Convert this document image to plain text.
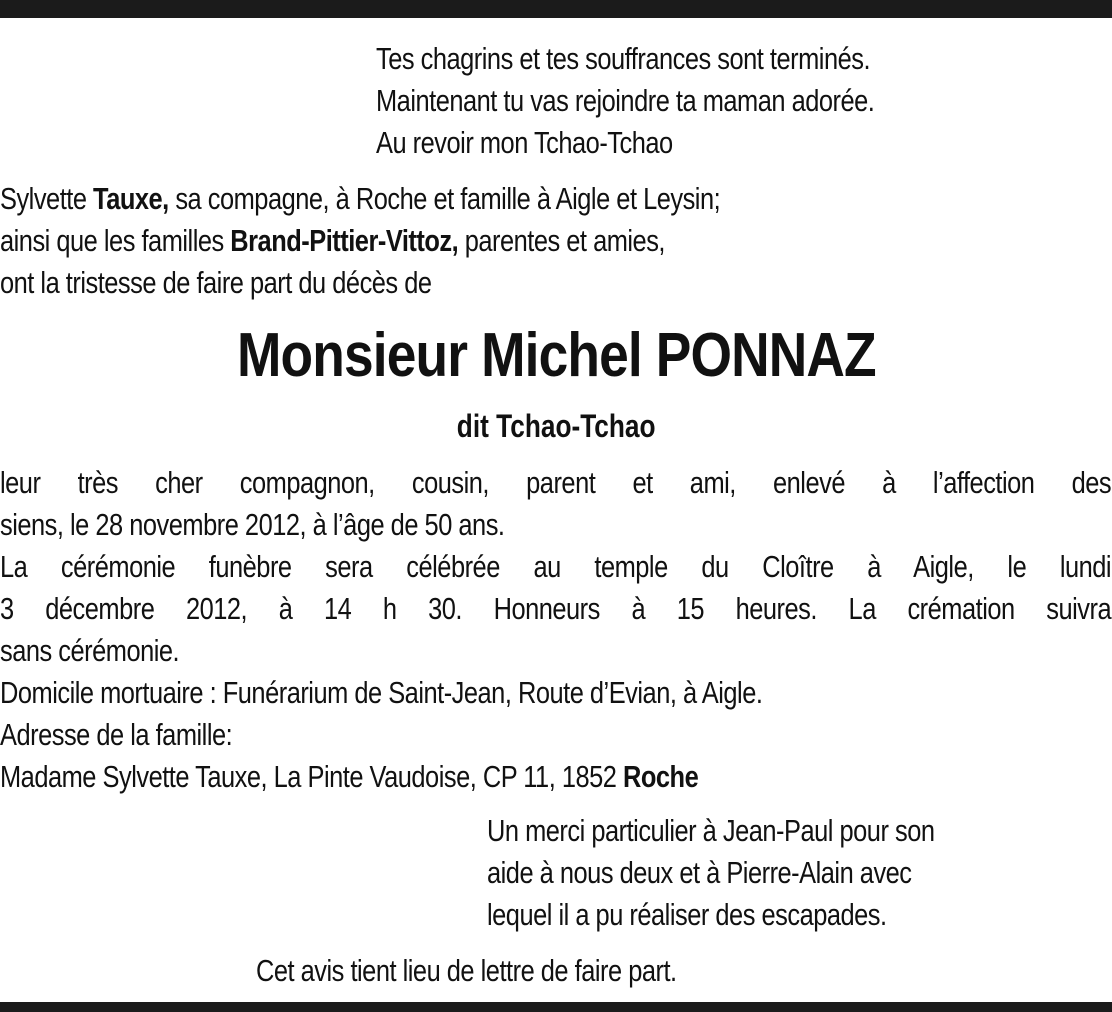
Tes chagrins et tes souffrances sont terminés.
Maintenant tu vas rejoindre ta maman adorée.
Au revoir mon Tchao-Tchao
Sylvette Tauxe, sa compagne, à Roche et famille à Aigle et Leysin;
ainsi que les familles Brand-Pittier-Vittoz, parentes et amies,
ont la tristesse de faire part du décès de
Monsieur Michel PONNAZ
dit Tchao-Tchao
leur très cher compagnon, cousin, parent et ami, enlevé à l’affection des
siens, le 28 novembre 2012, à l’âge de 50 ans.
La cérémonie funèbre sera célébrée au temple du Cloître à Aigle, le lundi
3 décembre 2012, à 14 h 30. Honneurs à 15 heures. La crémation suivra
sans cérémonie.
Domicile mortuaire : Funérarium de Saint-Jean, Route d’Evian, à Aigle.
Adresse de la famille:
Madame Sylvette Tauxe, La Pinte Vaudoise, CP 11, 1852 Roche
Un merci particulier à Jean-Paul pour son
aide à nous deux et à Pierre-Alain avec
lequel il a pu réaliser des escapades.
Cet avis tient lieu de lettre de faire part.
